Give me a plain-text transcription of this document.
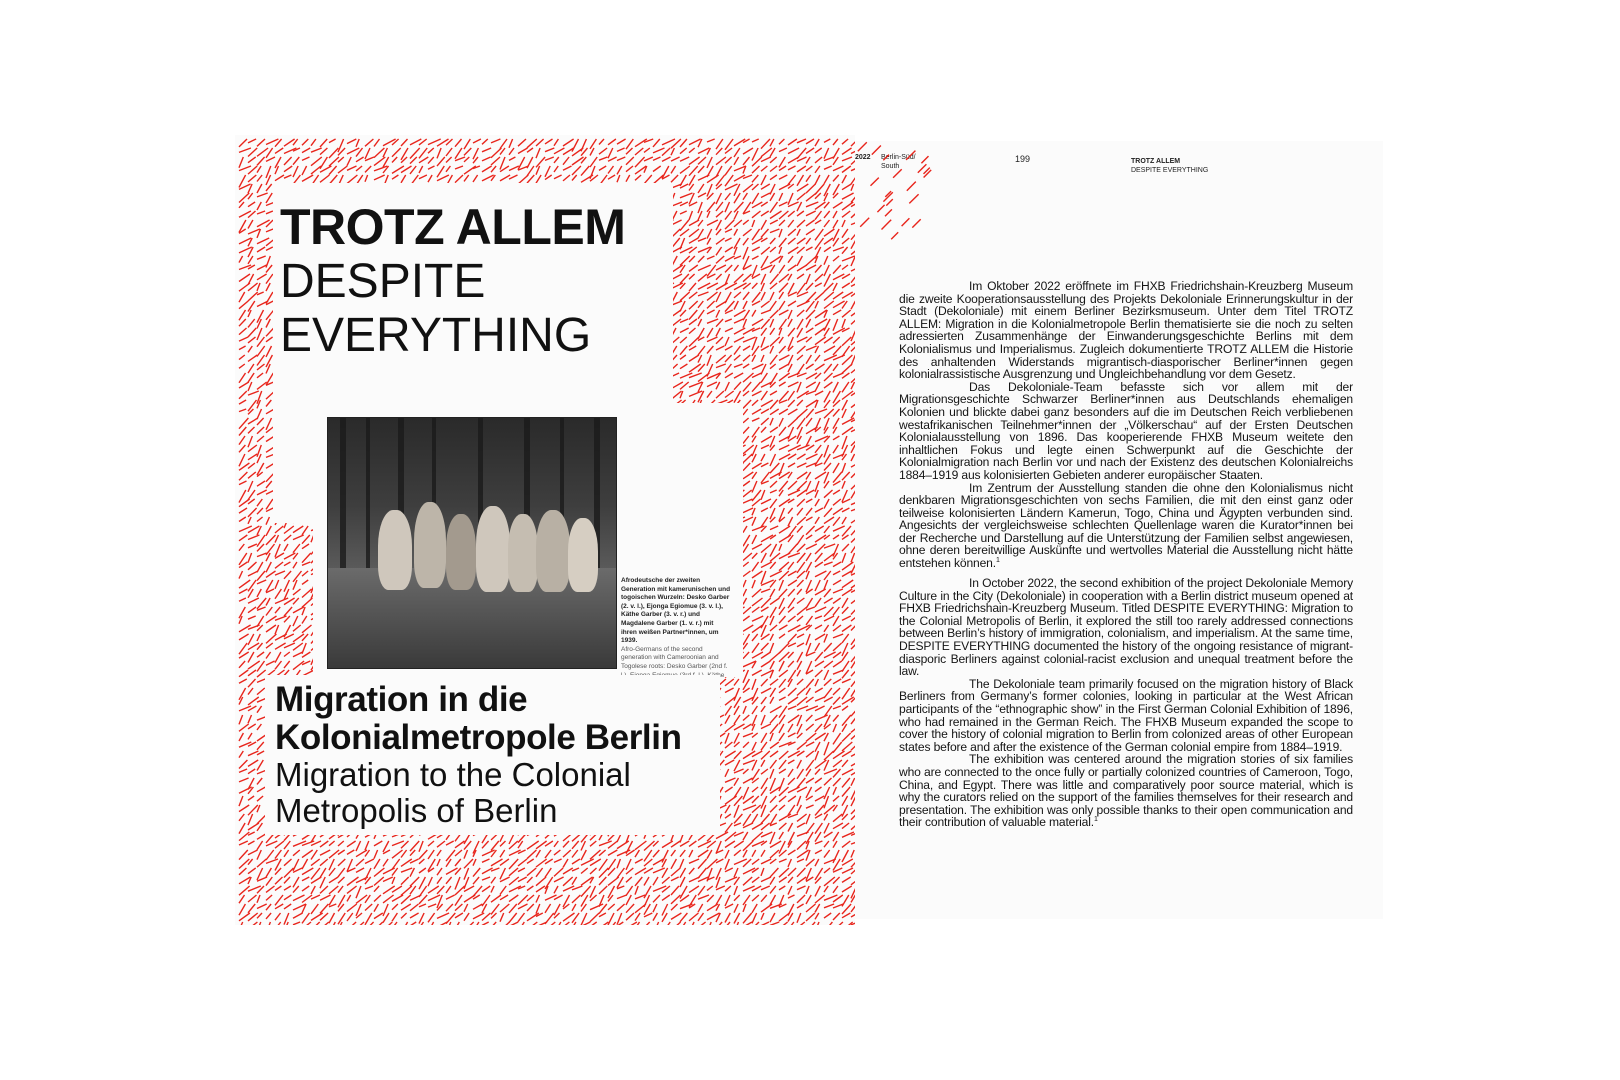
TROTZ ALLEM
DESPITE
EVERYTHING
Afrodeutsche der zweiten Generation mit kamerunischen und togoischen Wurzeln: Desko Garber (2. v. l.), Ejonga Egiomue (3. v. l.), Käthe Garber (3. v. r.) und Magdalene Garber (1. v. r.) mit ihren weißen Partner*innen, um 1939.
Afro-Germans of the second generation with Cameroonian and Togolese roots: Desko Garber (2nd f.
Migration in die
Kolonialmetropole Berlin
Migration to the Colonial
Metropolis of Berlin
2022 Berlin-Süd/
South
199	TROTZ ALLEM
DESPITE EVERYTHING

Im Oktober 2022 eröffnete im FHXB Friedrichshain-Kreuzberg Museum die zweite Kooperationsausstellung des Projekts Dekoloniale Erinnerungskultur in der Stadt (Dekoloniale) mit einem Berliner Bezirksmuseum. Unter dem Titel TROTZ ALLEM: Migration in die Kolonialmetropole Berlin thematisierte sie die noch zu selten adressierten Zusammenhänge der Einwanderungsgeschichte Berlins mit dem Kolonialismus und Imperialismus. Zugleich dokumentierte TROTZ ALLEM die Historie des anhaltenden Widerstands migrantisch-diasporischer Berliner*innen gegen kolonialrassistische Ausgrenzung und Ungleichbehandlung vor dem Gesetz.

Das Dekoloniale-Team befasste sich vor allem mit der Migrationsgeschichte Schwarzer Berliner*innen aus Deutschlands ehemaligen Kolonien und blickte dabei ganz besonders auf die im Deutschen Reich verbliebenen westafrikanischen Teilnehmer*innen der „Völkerschau“ auf der Ersten Deutschen Kolonialausstellung von 1896. Das kooperierende FHXB Museum weitete den inhaltlichen Fokus und legte einen Schwerpunkt auf die Geschichte der Kolonialmigration nach Berlin vor und nach der Existenz des deutschen Kolonialreichs 1884–1919 aus kolonisierten Gebieten anderer europäischer Staaten.

Im Zentrum der Ausstellung standen die ohne den Kolonialismus nicht denkbaren Migrationsgeschichten von sechs Familien, die mit den einst ganz oder teilweise kolonisierten Ländern Kamerun, Togo, China und Ägypten verbunden sind. Angesichts der vergleichsweise schlechten Quellenlage waren die Kurator*innen bei der Recherche und Darstellung auf die Unterstützung der Familien selbst angewiesen, ohne deren bereitwillige Auskünfte und wertvolles Material die Ausstellung nicht hätte entstehen können.$^1$

In October 2022, the second exhibition of the project Dekoloniale Memory Culture in the City (Dekoloniale) in cooperation with a Berlin district museum opened at FHXB Friedrichshain-Kreuzberg Museum. Titled DESPITE EVERYTHING: Migration to the Colonial Metropolis of Berlin, it explored the still too rarely addressed connections between Berlin’s history of immigration, colonialism, and imperialism. At the same time, DESPITE EVERYTHING documented the history of the ongoing resistance of migrant-diasporic Berliners against colonial-racist exclusion and unequal treatment before the law.

The Dekoloniale team primarily focused on the migration history of Black Berliners from Germany’s former colonies, looking in particular at the West African participants of the “ethnographic show” in the First German Colonial Exhibition of 1896, who had remained in the German Reich. The FHXB Museum expanded the scope to cover the history of colonial migration to Berlin from colonized areas of other European states before and after the existence of the German colonial empire from 1884–1919.

The exhibition was centered around the migration stories of six families who are connected to the once fully or partially colonized countries of Cameroon, Togo, China, and Egypt. There was little and comparatively poor source material, which is why the curators relied on the support of the families themselves for their research and presentation. The exhibition was only possible thanks to their open communication and their contribution of valuable material.$^1$
